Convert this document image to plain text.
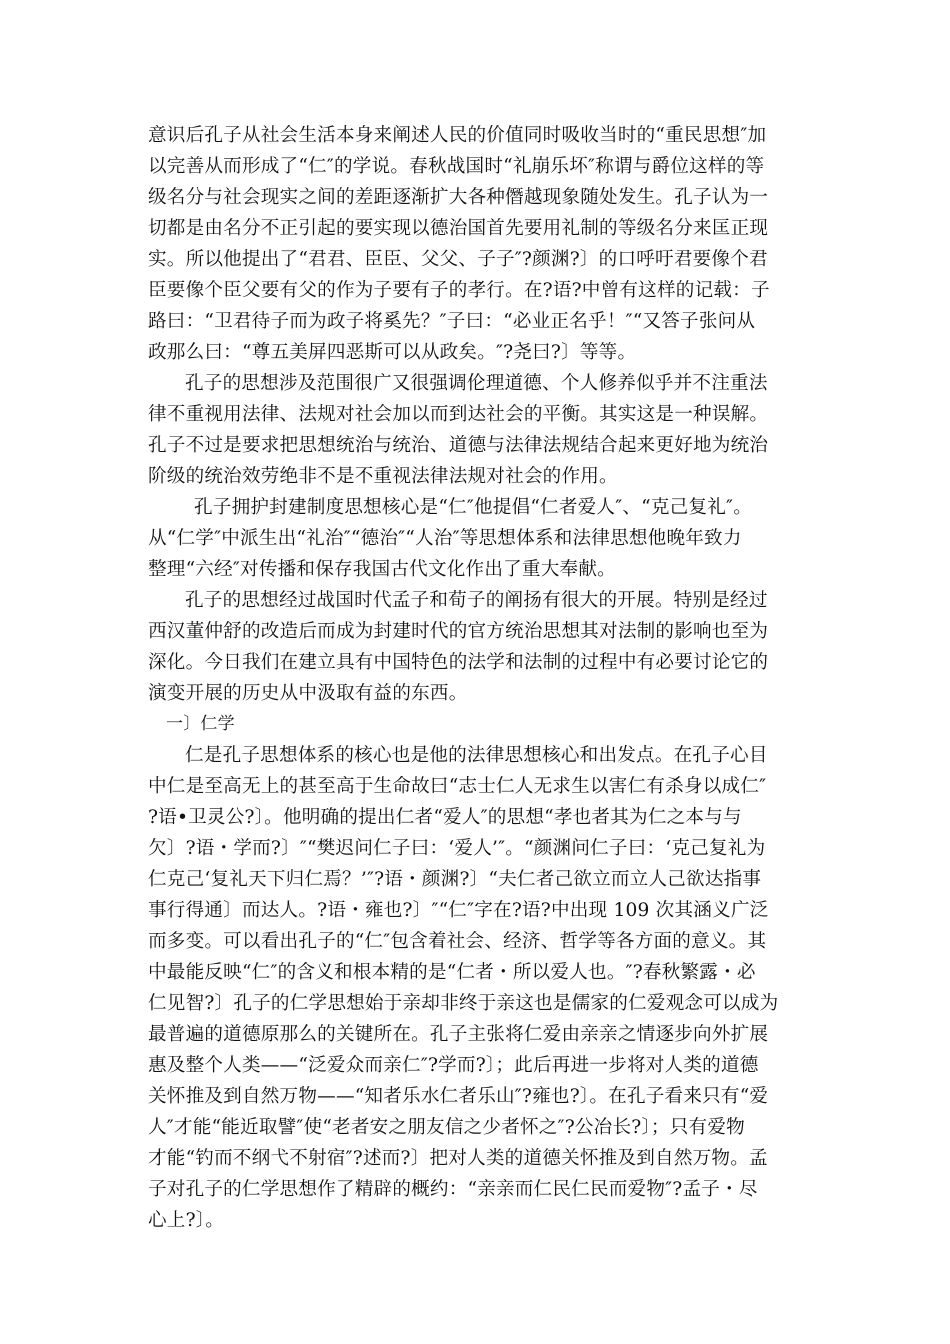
意识后孔子从社会生活本身来阐述人民的价值同时吸收当时的“重民思想″加
以完善从而形成了“仁″的学说。春秋战国时“礼崩乐坏″称谓与爵位这样的等
级名分与社会现实之间的差距逐渐扩大各种僭越现象随处发生。孔子认为一
切都是由名分不正引起的要实现以德治国首先要用礼制的等级名分来匡正现
实。所以他提出了“君君、臣臣、父父、子子″?颜渊?〕的口呼吁君要像个君
臣要像个臣父要有父的作为子要有子的孝行。在?语?中曾有这样的记载：子
路曰：“卫君待子而为政子将奚先？″子曰：“必业正名乎！″“又答子张问从
政那么曰：“尊五美屏四恶斯可以从政矣。″?尧曰?〕等等。
孔子的思想涉及范围很广又很强调伦理道德、个人修养似乎并不注重法
律不重视用法律、法规对社会加以而到达社会的平衡。其实这是一种误解。
孔子不过是要求把思想统治与统治、道德与法律法规结合起来更好地为统治
阶级的统治效劳绝非不是不重视法律法规对社会的作用。
孔子拥护封建制度思想核心是“仁″他提倡“仁者爱人″、“克己复礼″。
从“仁学″中派生出“礼治″“德治″“人治″等思想体系和法律思想他晚年致力
整理“六经″对传播和保存我国古代文化作出了重大奉献。
孔子的思想经过战国时代孟子和荀子的阐扬有很大的开展。特别是经过
西汉董仲舒的改造后而成为封建时代的官方统治思想其对法制的影响也至为
深化。今日我们在建立具有中国特色的法学和法制的过程中有必要讨论它的
演变开展的历史从中汲取有益的东西。
一〕仁学
仁是孔子思想体系的核心也是他的法律思想核心和出发点。在孔子心目
中仁是至高无上的甚至高于生命故曰“志士仁人无求生以害仁有杀身以成仁″
?语•卫灵公?〕。他明确的提出仁者“爱人″的思想“孝也者其为仁之本与与
欠〕?语・学而?〕″“樊迟问仁子曰：‘爱人’″。“颜渊问仁子曰：‘克己复礼为
仁克己‘复礼天下归仁焉？’″?语・颜渊?〕“夫仁者己欲立而立人己欲达指事
事行得通〕而达人。?语・雍也?〕″“仁″字在?语?中出现 109 次其涵义广泛
而多变。可以看出孔子的“仁″包含着社会、经济、哲学等各方面的意义。其
中最能反映“仁″的含义和根本精的是“仁者・所以爱人也。″?春秋繁露・必
仁见智?〕孔子的仁学思想始于亲却非终于亲这也是儒家的仁爱观念可以成为
最普遍的道德原那么的关键所在。孔子主张将仁爱由亲亲之情逐步向外扩展
惠及整个人类——“泛爱众而亲仁″?学而?〕；此后再进一步将对人类的道德
关怀推及到自然万物——“知者乐水仁者乐山″?雍也?〕。在孔子看来只有“爱
人″才能“能近取譬″使“老者安之朋友信之少者怀之″?公冶长?〕；只有爱物
才能“钓而不纲弋不射宿″?述而?〕把对人类的道德关怀推及到自然万物。孟
子对孔子的仁学思想作了精辟的概约：“亲亲而仁民仁民而爱物″?孟子・尽
心上?〕。
